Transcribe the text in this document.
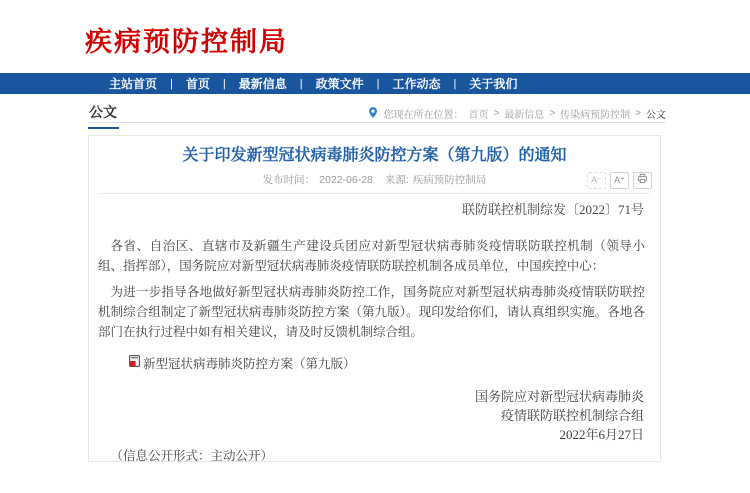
疾病预防控制局
主站首页	|	首页	|	最新信息	|	政策文件	|	工作动态	|	关于我们
公文	您现在所在位置： 首页 > 最新信息 > 传染病预防控制 > 公文
关于印发新型冠状病毒肺炎防控方案（第九版）的通知
发布时间： 2022-06-28 来源: 疾病预防控制局	A⁻	A⁺
联防联控机制综发〔2022〕71号

各省、自治区、直辖市及新疆生产建设兵团应对新型冠状病毒肺炎疫情联防联控机制（领导小组、指挥部），国务院应对新型冠状病毒肺炎疫情联防联控机制各成员单位，中国疾控中心：

为进一步指导各地做好新型冠状病毒肺炎防控工作，国务院应对新型冠状病毒肺炎疫情联防联控机制综合组制定了新型冠状病毒肺炎防控方案（第九版）。现印发给你们，请认真组织实施。各地各部门在执行过程中如有相关建议，请及时反馈机制综合组。

新型冠状病毒肺炎防控方案（第九版）
国务院应对新型冠状病毒肺炎
疫情联防联控机制综合组
2022年6月27日
（信息公开形式：主动公开）
